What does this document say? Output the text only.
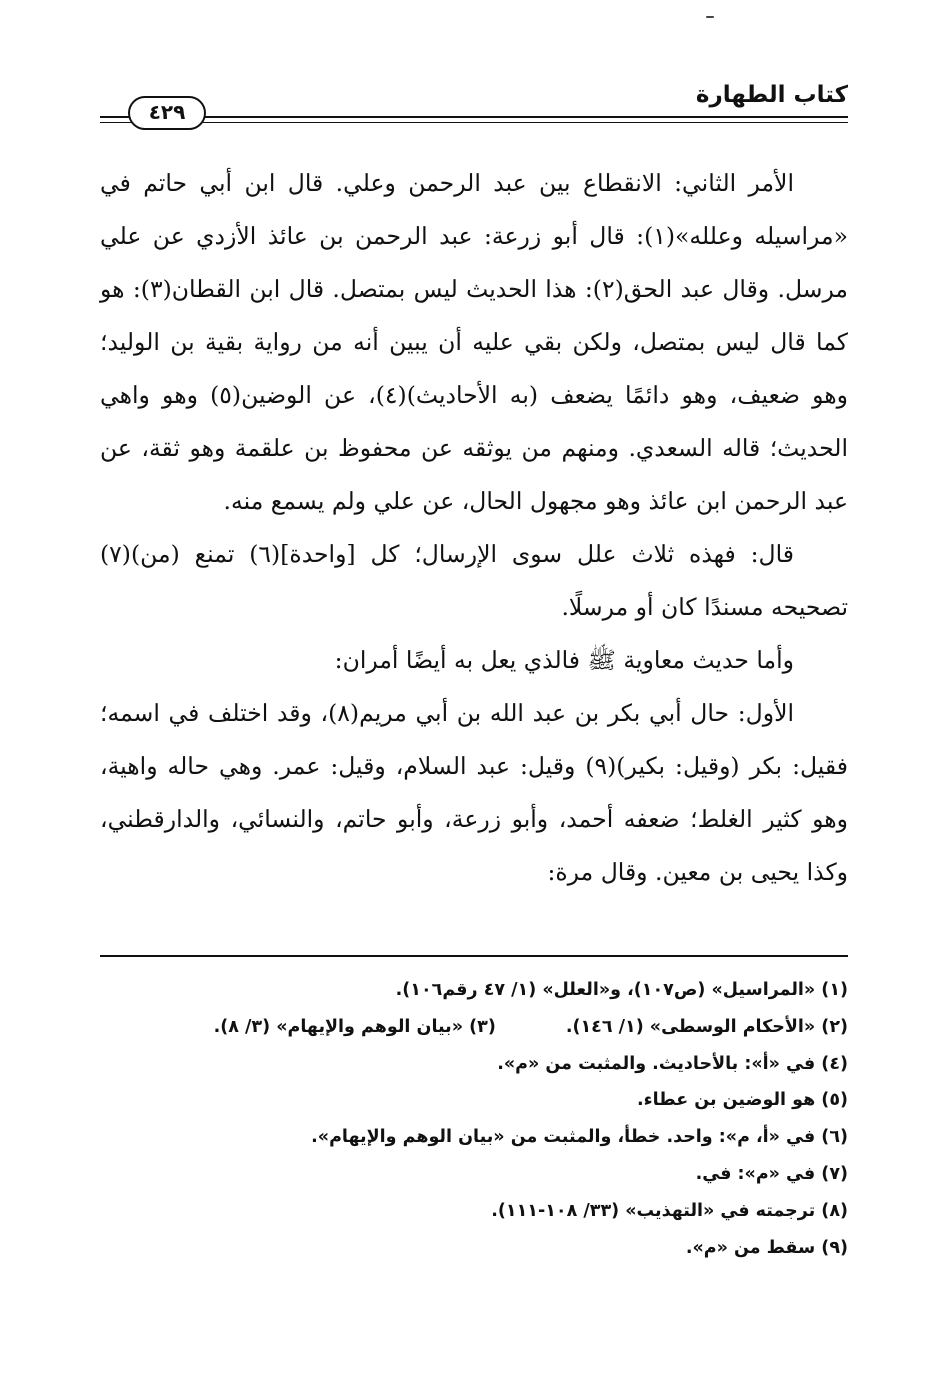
كتاب الطهارة
٤٢٩

الأمر الثاني: الانقطاع بين عبد الرحمن وعلي. قال ابن أبي حاتم في «مراسيله وعلله»(١): قال أبو زرعة: عبد الرحمن بن عائذ الأزدي عن علي مرسل. وقال عبد الحق(٢): هذا الحديث ليس بمتصل. قال ابن القطان(٣): هو كما قال ليس بمتصل، ولكن بقي عليه أن يبين أنه من رواية بقية بن الوليد؛ وهو ضعيف، وهو دائمًا يضعف (به الأحاديث)(٤)، عن الوضين(٥) وهو واهي الحديث؛ قاله السعدي. ومنهم من يوثقه عن محفوظ بن علقمة وهو ثقة، عن عبد الرحمن ابن عائذ وهو مجهول الحال، عن علي ولم يسمع منه.

قال: فهذه ثلاث علل سوى الإرسال؛ كل [واحدة](٦) تمنع (من)(٧) تصحيحه مسندًا كان أو مرسلًا.

وأما حديث معاوية ﷺ فالذي يعل به أيضًا أمران:

الأول: حال أبي بكر بن عبد الله بن أبي مريم(٨)، وقد اختلف في اسمه؛ فقيل: بكر (وقيل: بكير)(٩) وقيل: عبد السلام، وقيل: عمر. وهي حاله واهية، وهو كثير الغلط؛ ضعفه أحمد، وأبو زرعة، وأبو حاتم، والنسائي، والدارقطني، وكذا يحيى بن معين. وقال مرة:

(١) «المراسيل» (ص١٠٧)، و«العلل» (١/ ٤٧ رقم١٠٦).
(٢) «الأحكام الوسطى» (١/ ١٤٦).(٣) «بيان الوهم والإيهام» (٣/ ٨).
(٤) في «أ»: بالأحاديث. والمثبت من «م».
(٥) هو الوضين بن عطاء.
(٦) في «أ، م»: واحد. خطأ، والمثبت من «بيان الوهم والإيهام».
(٧) في «م»: في.
(٨) ترجمته في «التهذيب» (٣٣/ ١٠٨-١١١).
(٩) سقط من «م».
